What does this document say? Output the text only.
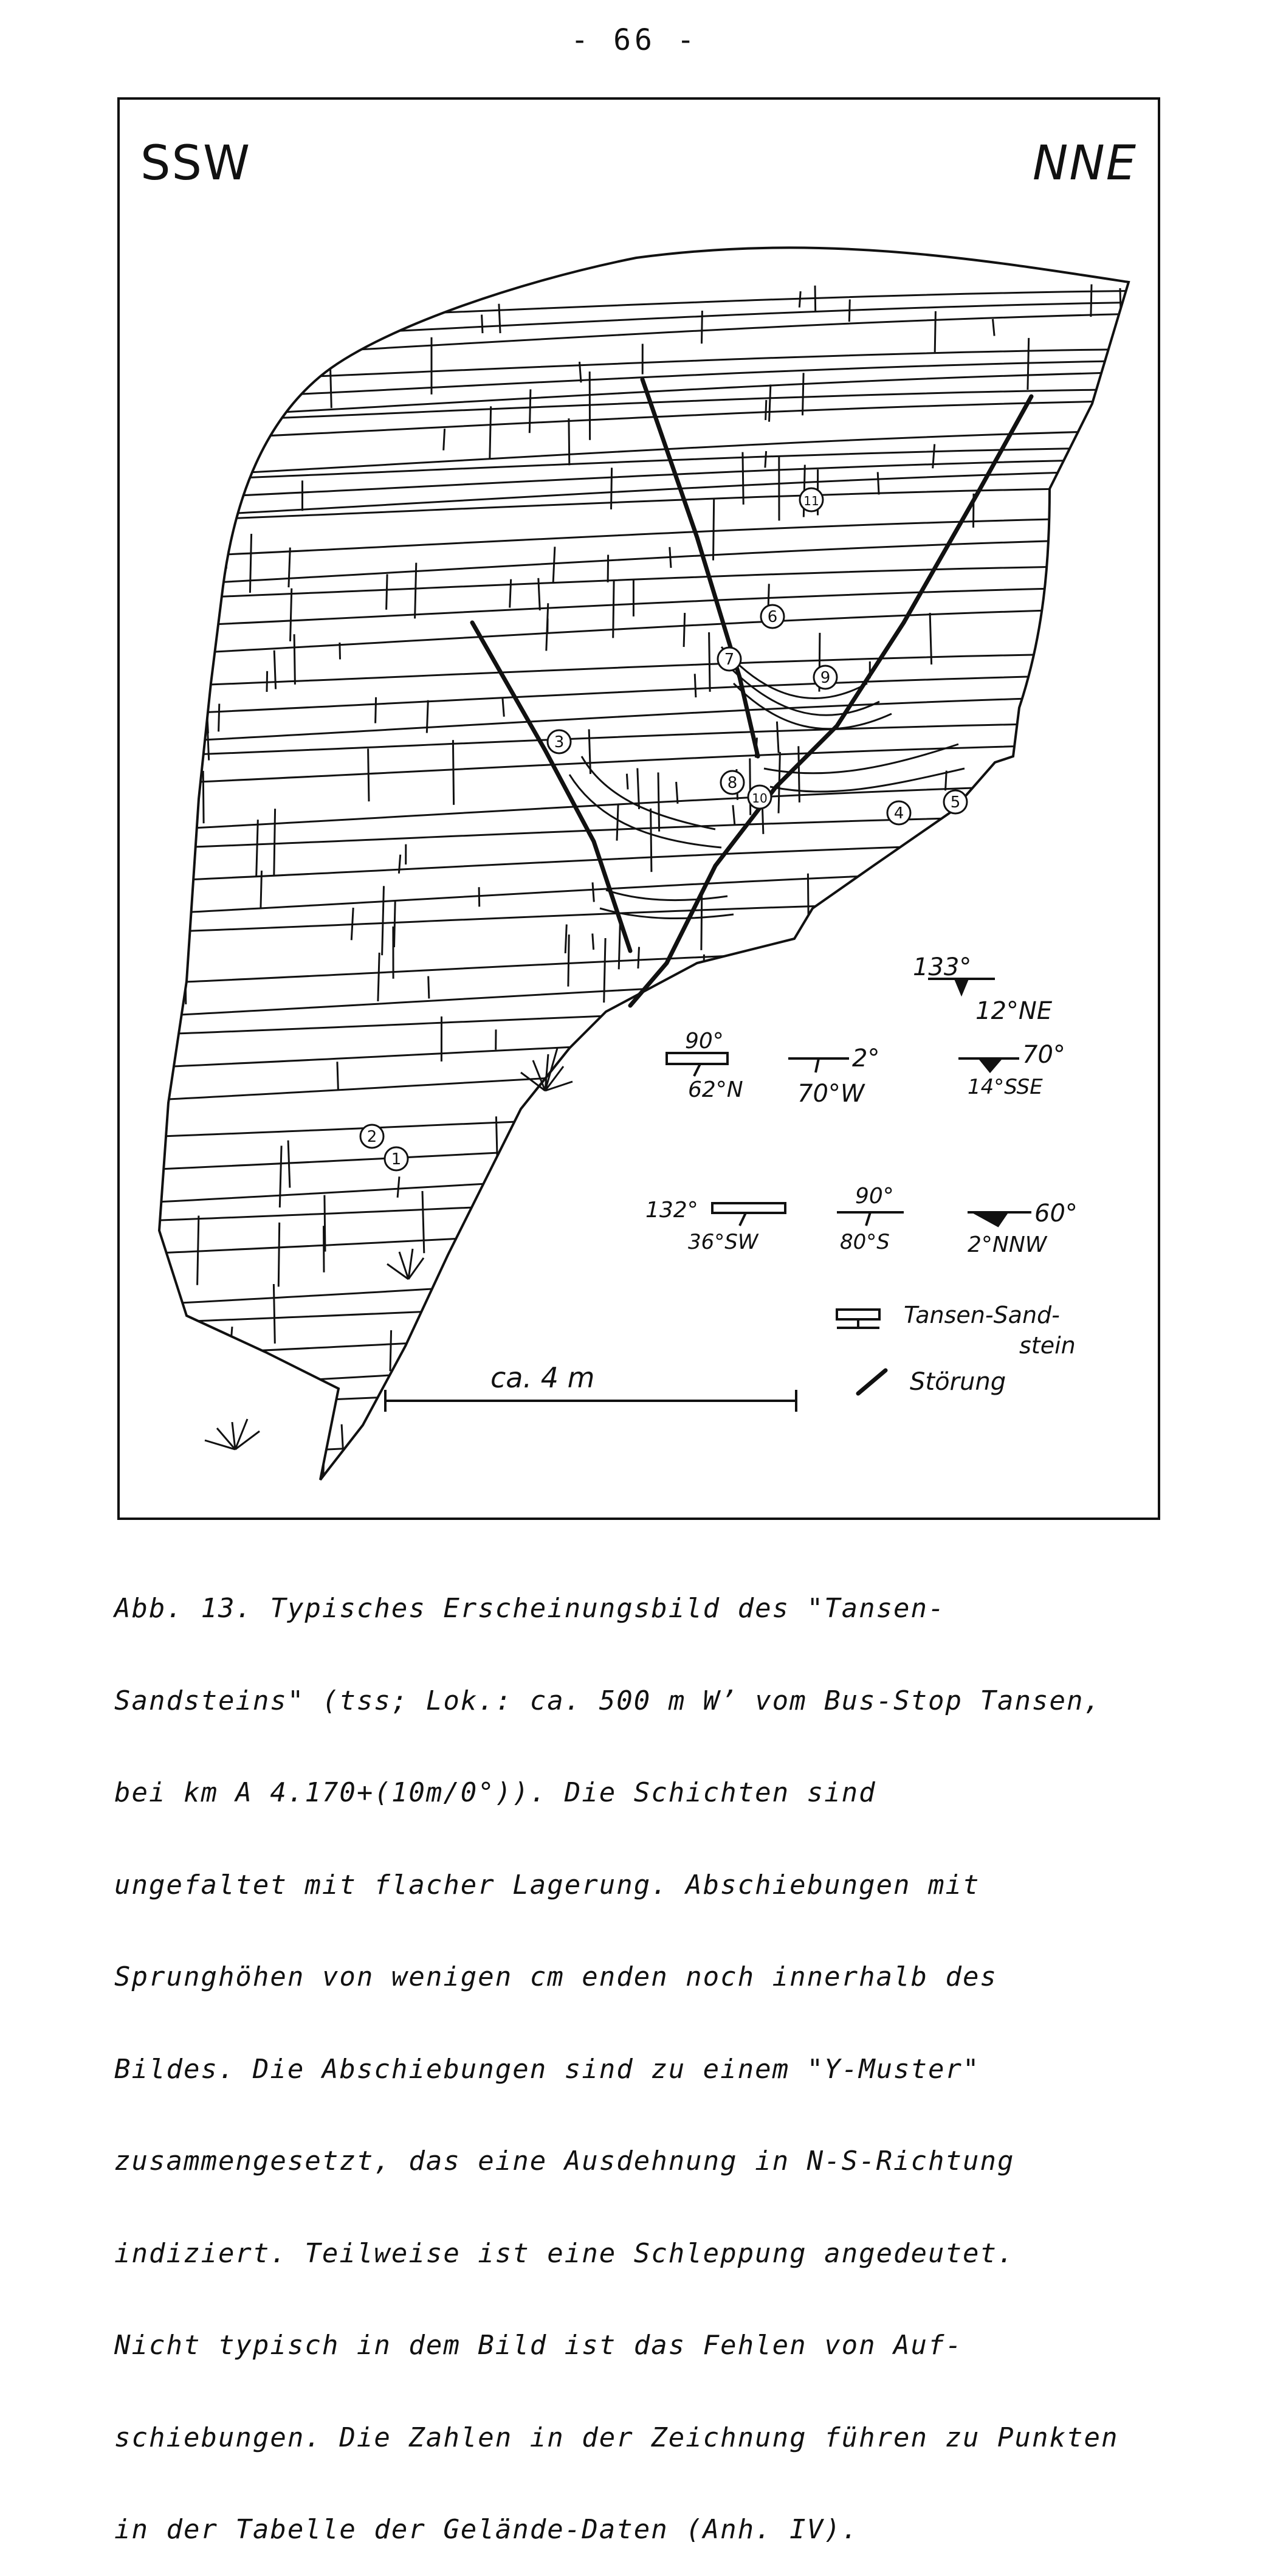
- 66 -
SSW	NNE
1
2
3
4
5
6
7
8
9
10
11
133°
12°NE
90°
62°N
2°
70°W
70°
14°SSE
132°
36°SW
90°
80°S
60°
2°NNW
Tansen-Sand-
stein
Störung
ca. 4 m

Abb. 13. Typisches Erscheinungsbild des "Tansen-

Sandsteins" (tss; Lok.: ca. 500 m W’ vom Bus-Stop Tansen,

bei km A 4.170+(10m/0°)). Die Schichten sind

ungefaltet mit flacher Lagerung. Abschiebungen mit

Sprunghöhen von wenigen cm enden noch innerhalb des

Bildes. Die Abschiebungen sind zu einem "Y-Muster"

zusammengesetzt, das eine Ausdehnung in N-S-Richtung

indiziert. Teilweise ist eine Schleppung angedeutet.

Nicht typisch in dem Bild ist das Fehlen von Auf-

schiebungen. Die Zahlen in der Zeichnung führen zu Punkten

in der Tabelle der Gelände-Daten (Anh. IV).
